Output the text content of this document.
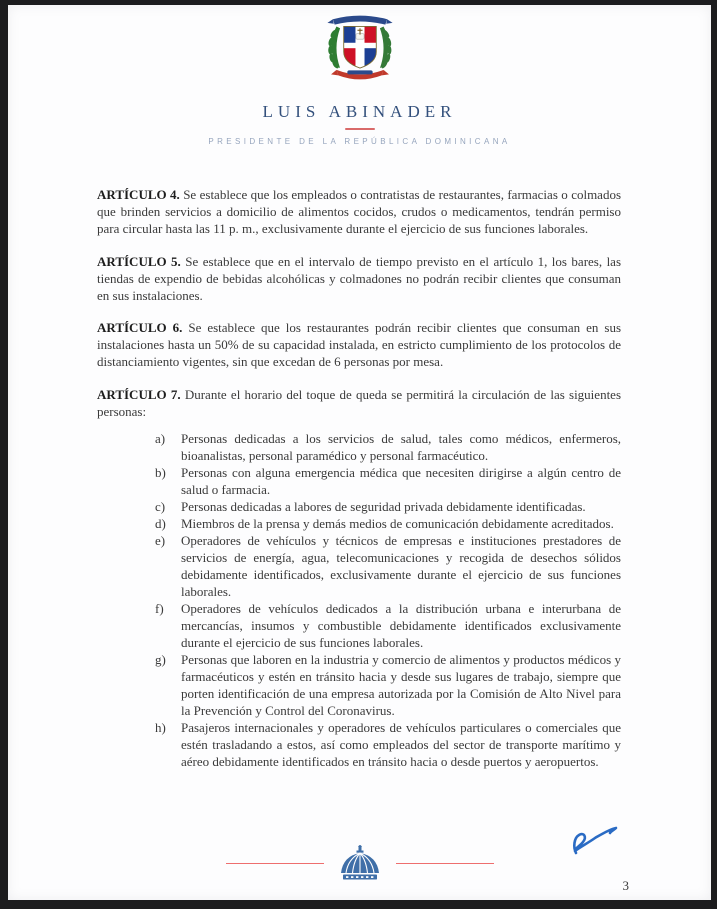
LUIS ABINADER
PRESIDENTE DE LA REPÚBLICA DOMINICANA

ARTÍCULO 4. Se establece que los empleados o contratistas de restaurantes, farmacias o colmados que brinden servicios a domicilio de alimentos cocidos, crudos o medicamentos, tendrán permiso para circular hasta las 11 p. m., exclusivamente durante el ejercicio de sus funciones laborales.

ARTÍCULO 5. Se establece que en el intervalo de tiempo previsto en el artículo 1, los bares, las tiendas de expendio de bebidas alcohólicas y colmadones no podrán recibir clientes que consuman en sus instalaciones.

ARTÍCULO 6. Se establece que los restaurantes podrán recibir clientes que consuman en sus instalaciones hasta un 50% de su capacidad instalada, en estricto cumplimiento de los protocolos de distanciamiento vigentes, sin que excedan de 6 personas por mesa.

ARTÍCULO 7. Durante el horario del toque de queda se permitirá la circulación de las siguientes personas:

a)	Personas dedicadas a los servicios de salud, tales como médicos, enfermeros, bioanalistas, personal paramédico y personal farmacéutico.
b)	Personas con alguna emergencia médica que necesiten dirigirse a algún centro de salud o farmacia.
c)	Personas dedicadas a labores de seguridad privada debidamente identificadas.
d)	Miembros de la prensa y demás medios de comunicación debidamente acreditados.
e)	Operadores de vehículos y técnicos de empresas e instituciones prestadores de servicios de energía, agua, telecomunicaciones y recogida de desechos sólidos debidamente identificados, exclusivamente durante el ejercicio de sus funciones laborales.
f)	Operadores de vehículos dedicados a la distribución urbana e interurbana de mercancías, insumos y combustible debidamente identificados exclusivamente durante el ejercicio de sus funciones laborales.
g)	Personas que laboren en la industria y comercio de alimentos y productos médicos y farmacéuticos y estén en tránsito hacia y desde sus lugares de trabajo, siempre que porten identificación de una empresa autorizada por la Comisión de Alto Nivel para la Prevención y Control del Coronavirus.
h)	Pasajeros internacionales y operadores de vehículos particulares o comerciales que estén trasladando a estos, así como empleados del sector de transporte marítimo y aéreo debidamente identificados en tránsito hacia o desde puertos y aeropuertos.
3
